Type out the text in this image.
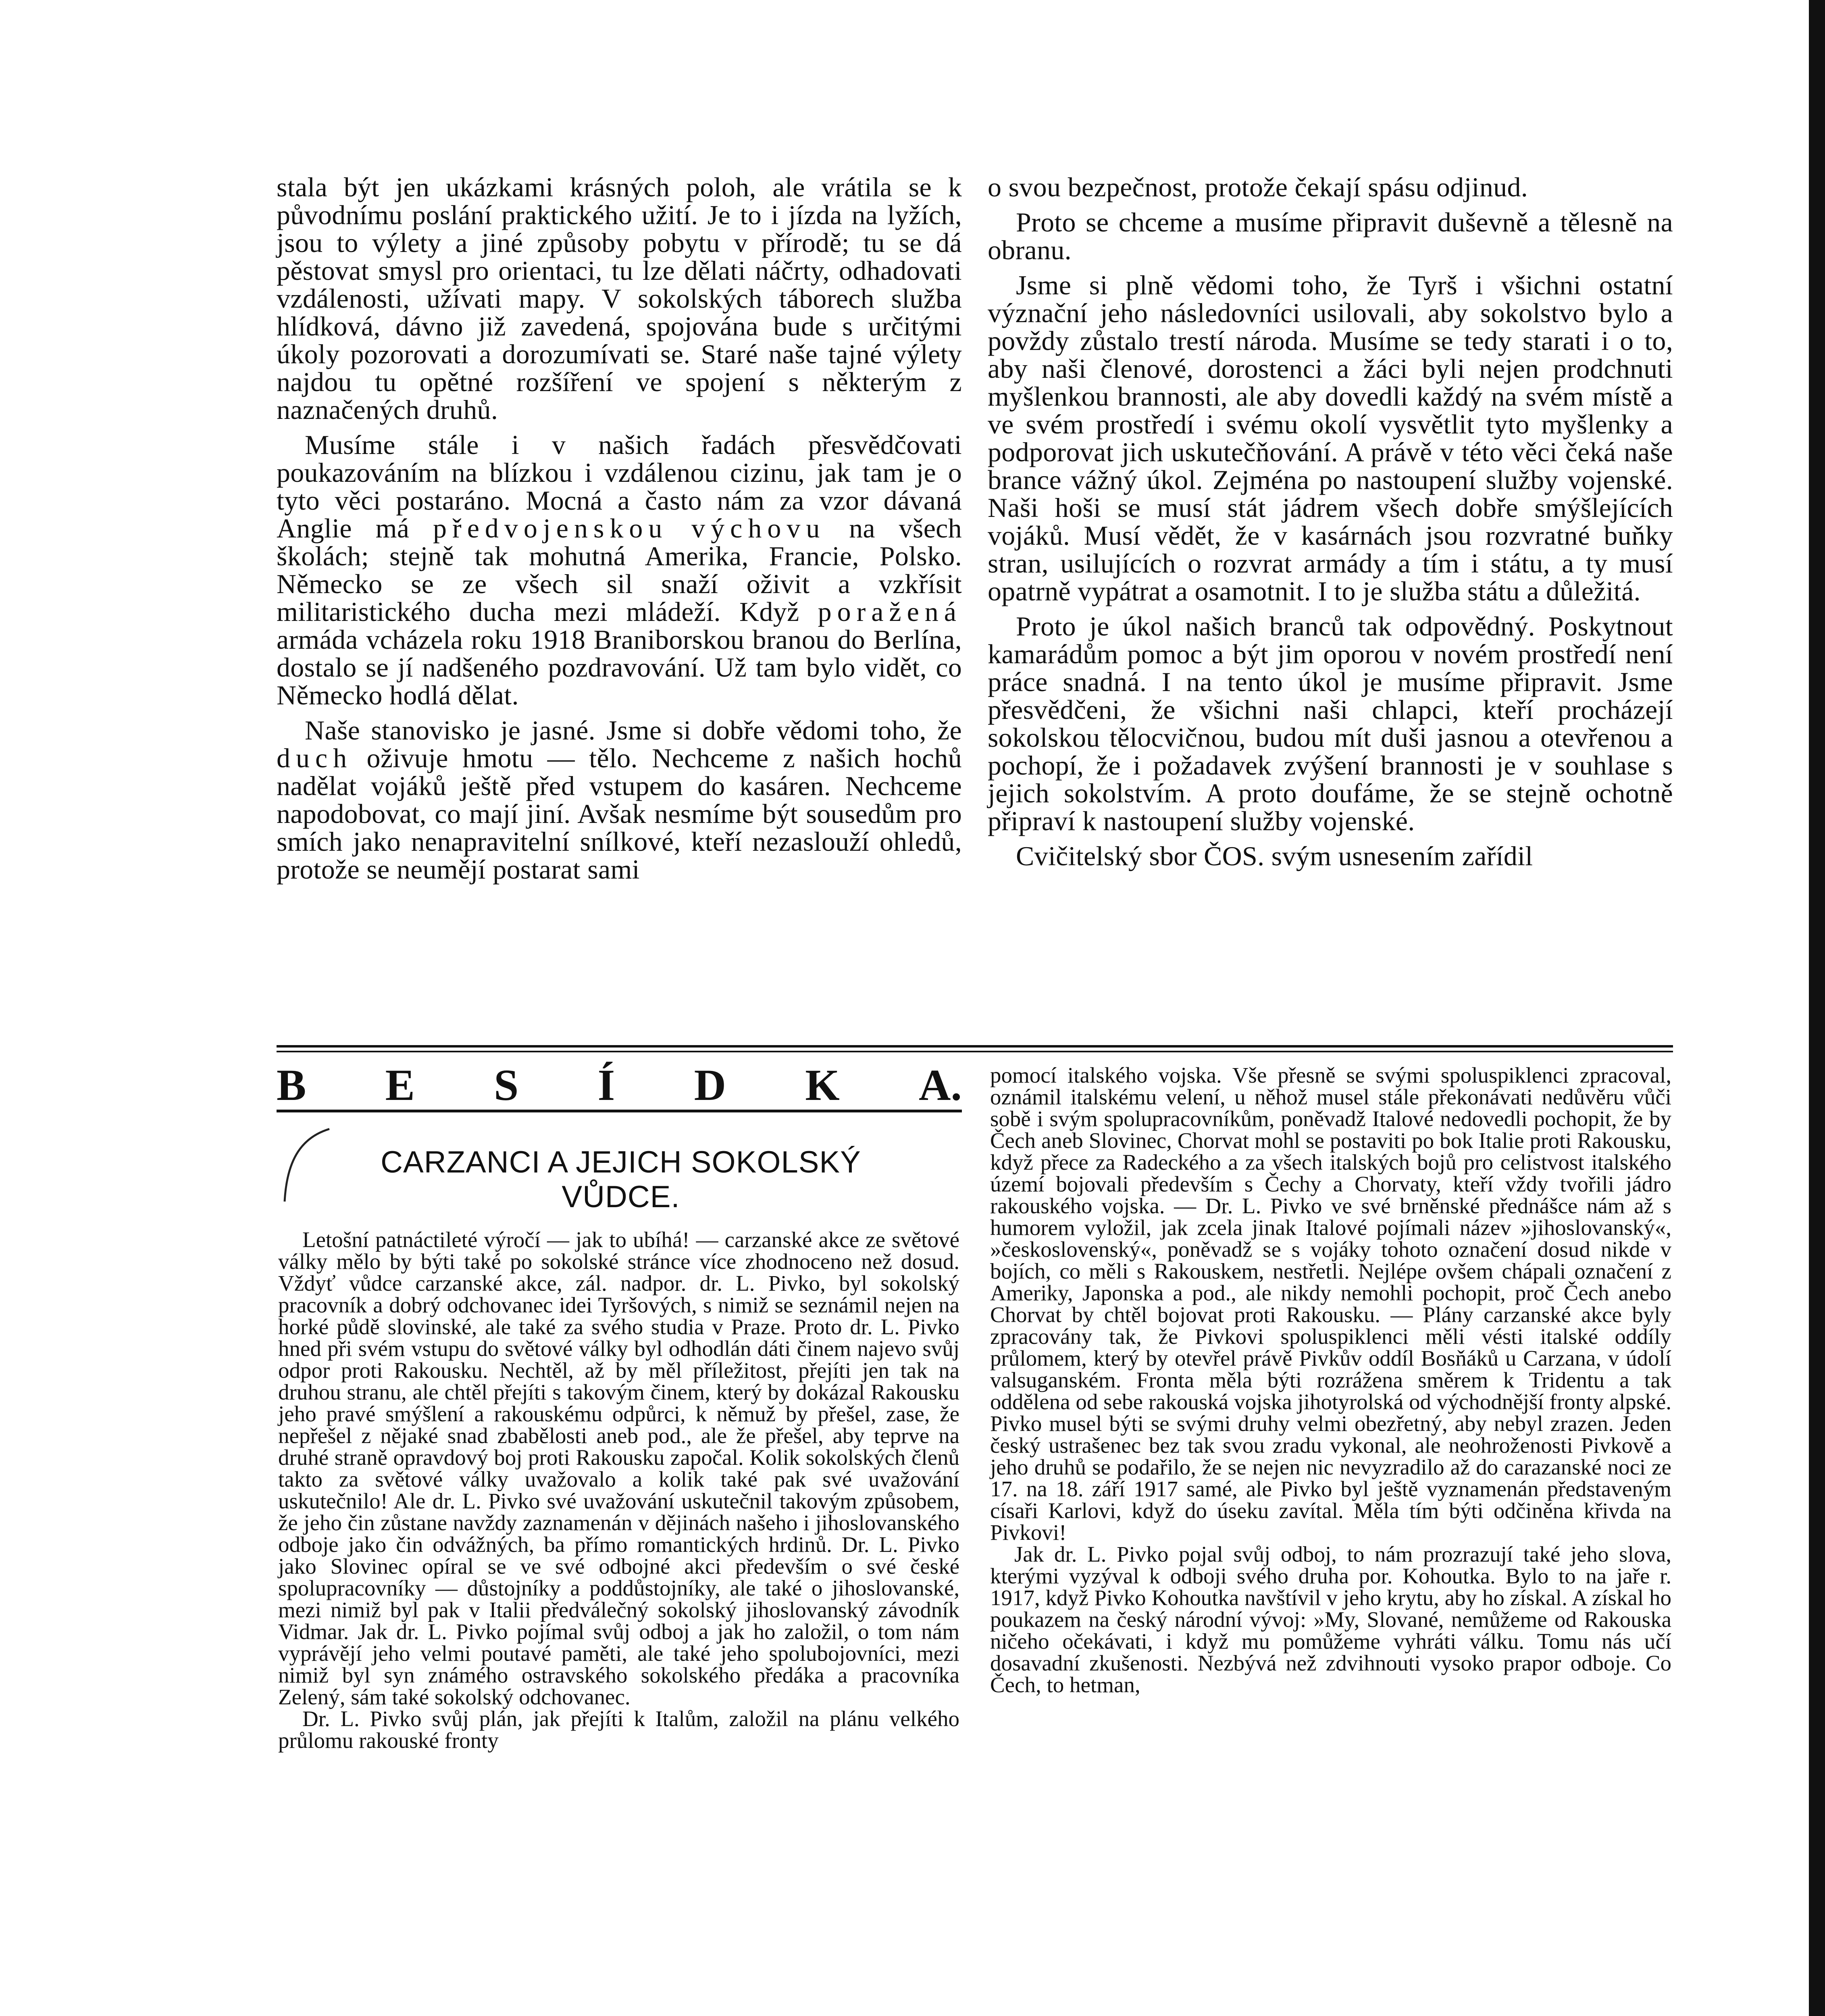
stala být jen ukázkami krásných poloh, ale vrátila se k původnímu poslání praktického užití. Je to i jízda na lyžích, jsou to výlety a jiné způsoby pobytu v přírodě; tu se dá pěstovat smysl pro orientaci, tu lze dělati náčrty, odhadovati vzdálenosti, užívati mapy. V sokolských táborech služba hlídková, dávno již zavedená, spojována bude s určitými úkoly pozorovati a dorozumívati se. Staré naše tajné výlety najdou tu opětné rozšíření ve spojení s některým z naznačených druhů.

Musíme stále i v našich řadách přesvědčovati poukazováním na blízkou i vzdálenou cizinu, jak tam je o tyto věci postaráno. Mocná a často nám za vzor dávaná Anglie má předvojenskou výchovu na všech školách; stejně tak mohutná Amerika, Francie, Polsko. Německo se ze všech sil snaží oživit a vzkřísit militaristického ducha mezi mládeží. Když poražená armáda vcházela roku 1918 Braniborskou branou do Berlína, dostalo se jí nadšeného pozdravování. Už tam bylo vidět, co Německo hodlá dělat.

Naše stanovisko je jasné. Jsme si dobře vědomi toho, že duch oživuje hmotu — tělo. Nechceme z našich hochů nadělat vojáků ještě před vstupem do kasáren. Nechceme napodobovat, co mají jiní. Avšak nesmíme být sousedům pro smích jako nenapravitelní snílkové, kteří nezaslouží ohledů, protože se neumějí postarat sami

o svou bezpečnost, protože čekají spásu odjinud.

Proto se chceme a musíme připravit duševně a tělesně na obranu.

Jsme si plně vědomi toho, že Tyrš i všichni ostatní význační jeho následovníci usilovali, aby sokolstvo bylo a povždy zůstalo trestí národa. Musíme se tedy starati i o to, aby naši členové, dorostenci a žáci byli nejen prodchnuti myšlenkou brannosti, ale aby dovedli každý na svém místě a ve svém prostředí i svému okolí vysvětlit tyto myšlenky a podporovat jich uskutečňování. A právě v této věci čeká naše brance vážný úkol. Zejména po nastoupení služby vojenské. Naši hoši se musí stát jádrem všech dobře smýšlejících vojáků. Musí vědět, že v kasárnách jsou rozvratné buňky stran, usilujících o rozvrat armády a tím i státu, a ty musí opatrně vypátrat a osamotnit. I to je služba státu a důležitá.

Proto je úkol našich branců tak odpovědný. Poskytnout kamarádům pomoc a být jim oporou v novém prostředí není práce snadná. I na tento úkol je musíme připravit. Jsme přesvědčeni, že všichni naši chlapci, kteří procházejí sokolskou tělocvičnou, budou mít duši jasnou a otevřenou a pochopí, že i požadavek zvýšení brannosti je v souhlase s jejich sokolstvím. A proto doufáme, že se stejně ochotně připraví k nastoupení služby vojenské.

Cvičitelský sbor ČOS. svým usnesením zařídil

B E S Í D K A.
CARZANCI A JEJICH SOKOLSKÝ
VŮDCE.

Letošní patnáctileté výročí — jak to ubíhá! — carzanské akce ze světové války mělo by býti také po sokolské stránce více zhodnoceno než dosud. Vždyť vůdce carzanské akce, zál. nadpor. dr. L. Pivko, byl sokolský pracovník a dobrý odchovanec idei Tyršových, s nimiž se seznámil nejen na horké půdě slovinské, ale také za svého studia v Praze. Proto dr. L. Pivko hned při svém vstupu do světové války byl odhodlán dáti činem najevo svůj odpor proti Rakousku. Nechtěl, až by měl příležitost, přejíti jen tak na druhou stranu, ale chtěl přejíti s takovým činem, který by dokázal Rakousku jeho pravé smýšlení a rakouskému odpůrci, k němuž by přešel, zase, že nepřešel z nějaké snad zbabělosti aneb pod., ale že přešel, aby teprve na druhé straně opravdový boj proti Rakousku započal. Kolik sokolských členů takto za světové války uvažovalo a kolik také pak své uvažování uskutečnilo! Ale dr. L. Pivko své uvažování uskutečnil takovým způsobem, že jeho čin zůstane navždy zaznamenán v dějinách našeho i jihoslovanského odboje jako čin odvážných, ba přímo romantických hrdinů. Dr. L. Pivko jako Slovinec opíral se ve své odbojné akci především o své české spolupracovníky — důstojníky a poddůstojníky, ale také o jihoslovanské, mezi nimiž byl pak v Italii předválečný sokolský jihoslovanský závodník Vidmar. Jak dr. L. Pivko pojímal svůj odboj a jak ho založil, o tom nám vyprávějí jeho velmi poutavé paměti, ale také jeho spolubojovníci, mezi nimiž byl syn známého ostravského sokolského předáka a pracovníka Zelený, sám také sokolský odchovanec.

Dr. L. Pivko svůj plán, jak přejíti k Italům, založil na plánu velkého průlomu rakouské fronty

pomocí italského vojska. Vše přesně se svými spoluspiklenci zpracoval, oznámil italskému velení, u něhož musel stále překonávati nedůvěru vůči sobě i svým spolupracovníkům, poněvadž Italové nedovedli pochopit, že by Čech aneb Slovinec, Chorvat mohl se postaviti po bok Italie proti Rakousku, když přece za Radeckého a za všech italských bojů pro celistvost italského území bojovali především s Čechy a Chorvaty, kteří vždy tvořili jádro rakouského vojska. — Dr. L. Pivko ve své brněnské přednášce nám až s humorem vyložil, jak zcela jinak Italové pojímali název »jihoslovanský«, »československý«, poněvadž se s vojáky tohoto označení dosud nikde v bojích, co měli s Rakouskem, nestřetli. Nejlépe ovšem chápali označení z Ameriky, Japonska a pod., ale nikdy nemohli pochopit, proč Čech anebo Chorvat by chtěl bojovat proti Rakousku. — Plány carzanské akce byly zpracovány tak, že Pivkovi spoluspiklenci měli vésti italské oddíly průlomem, který by otevřel právě Pivkův oddíl Bosňáků u Carzana, v údolí valsuganském. Fronta měla býti rozrážena směrem k Tridentu a tak oddělena od sebe rakouská vojska jihotyrolská od východnější fronty alpské. Pivko musel býti se svými druhy velmi obezřetný, aby nebyl zrazen. Jeden český ustrašenec bez tak svou zradu vykonal, ale neohroženosti Pivkově a jeho druhů se podařilo, že se nejen nic nevyzradilo až do carazanské noci ze 17. na 18. září 1917 samé, ale Pivko byl ještě vyznamenán představeným císaři Karlovi, když do úseku zavítal. Měla tím býti odčiněna křivda na Pivkovi!

Jak dr. L. Pivko pojal svůj odboj, to nám prozrazují také jeho slova, kterými vyzýval k odboji svého druha por. Kohoutka. Bylo to na jaře r. 1917, když Pivko Kohoutka navštívil v jeho krytu, aby ho získal. A získal ho poukazem na český národní vývoj: »My, Slované, nemůžeme od Rakouska ničeho očekávati, i když mu pomůžeme vyhráti válku. Tomu nás učí dosavadní zkušenosti. Nezbývá než zdvihnouti vysoko prapor odboje. Co Čech, to hetman,
